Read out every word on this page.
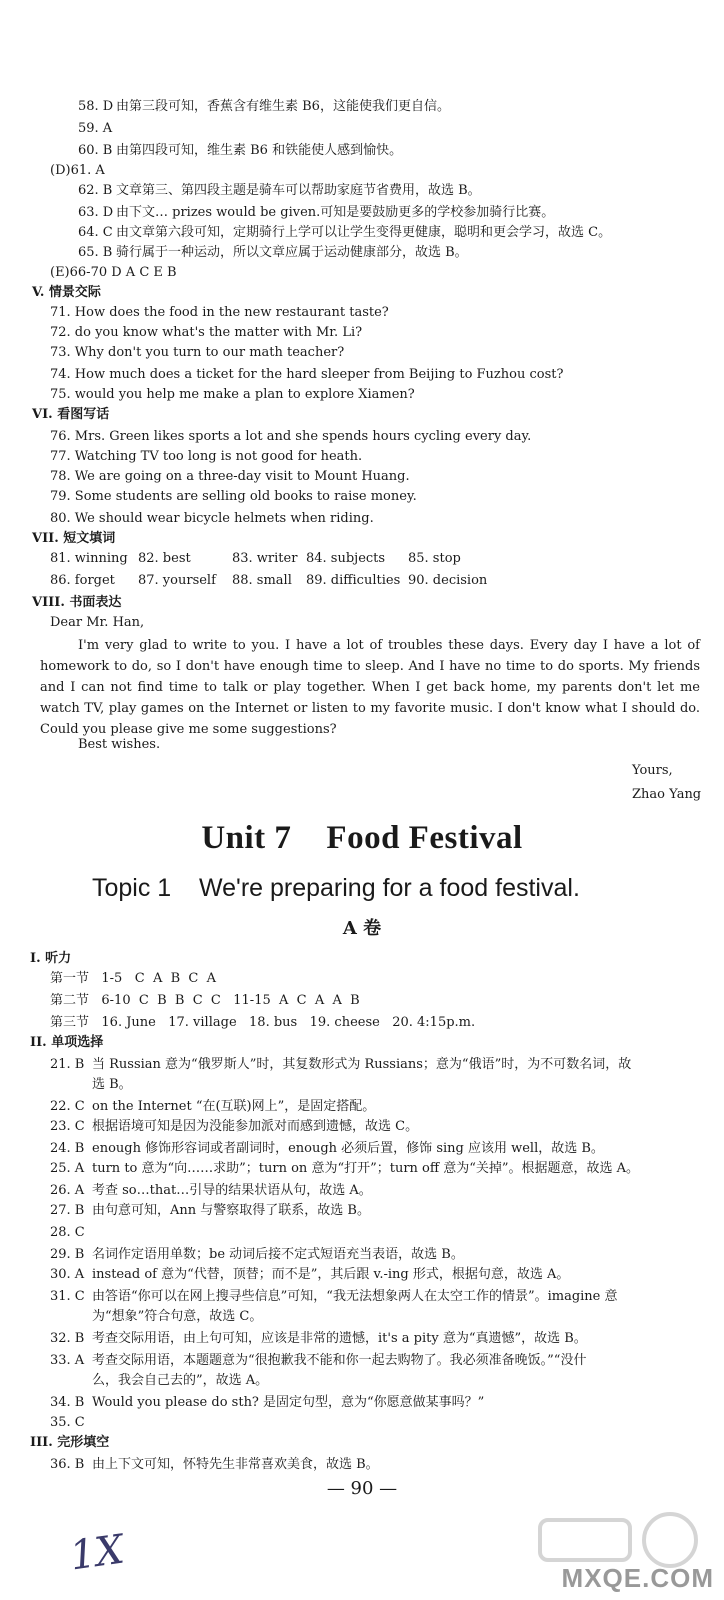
58. D 由第三段可知，香蕉含有维生素 B6，这能使我们更自信。
59. A
60. B 由第四段可知，维生素 B6 和铁能使人感到愉快。
(D)61. A
62. B 文章第三、第四段主题是骑车可以帮助家庭节省费用，故选 B。
63. D 由下文… prizes would be given.可知是要鼓励更多的学校参加骑行比赛。
64. C 由文章第六段可知，定期骑行上学可以让学生变得更健康，聪明和更会学习，故选 C。
65. B 骑行属于一种运动，所以文章应属于运动健康部分，故选 B。
(E)66-70 D A C E B
V. 情景交际
71. How does the food in the new restaurant taste?
72. do you know what's the matter with Mr. Li?
73. Why don't you turn to our math teacher?
74. How much does a ticket for the hard sleeper from Beijing to Fuzhou cost?
75. would you help me make a plan to explore Xiamen?
VI. 看图写话
76. Mrs. Green likes sports a lot and she spends hours cycling every day.
77. Watching TV too long is not good for heath.
78. We are going on a three-day visit to Mount Huang.
79. Some students are selling old books to raise money.
80. We should wear bicycle helmets when riding.
VII. 短文填词
81. winning 82. best	83. writer 84. subjects 85. stop
86. forget 87. yourself 88. small 89. difficulties 90. decision
VIII. 书面表达
Dear Mr. Han,
I'm very glad to write to you. I have a lot of troubles these days. Every day I have a lot of homework to do, so I don't have enough time to sleep. And I have no time to do sports. My friends and I can not find time to talk or play together. When I get back home, my parents don't let me watch TV, play games on the Internet or listen to my favorite music. I don't know what I should do. Could you please give me some suggestions?
Best wishes.
Yours,
Zhao Yang
Unit 7    Food Festival
Topic 1    We're preparing for a food festival.
A 卷
I. 听力
第一节   1-5   C  A  B  C  A
第二节   6-10  C  B  B  C  C   11-15  A  C  A  A  B
第三节   16. June   17. village   18. bus   19. cheese   20. 4:15p.m.
II. 单项选择
21. B 当 Russian 意为“俄罗斯人”时，其复数形式为 Russians；意为“俄语”时，为不可数名词，故
选 B。
22. C on the Internet “在(互联)网上”，是固定搭配。
23. C 根据语境可知是因为没能参加派对而感到遗憾，故选 C。
24. B enough 修饰形容词或者副词时，enough 必须后置，修饰 sing 应该用 well，故选 B。
25. A turn to 意为“向……求助”；turn on 意为“打开”；turn off 意为“关掉”。根据题意，故选 A。
26. A 考查 so…that…引导的结果状语从句，故选 A。
27. B 由句意可知，Ann 与警察取得了联系，故选 B。
28. C
29. B 名词作定语用单数；be 动词后接不定式短语充当表语，故选 B。
30. A instead of 意为“代替，顶替；而不是”，其后跟 v.-ing 形式，根据句意，故选 A。
31. C 由答语“你可以在网上搜寻些信息”可知，“我无法想象两人在太空工作的情景”。imagine 意
为“想象”符合句意，故选 C。
32. B 考查交际用语，由上句可知，应该是非常的遗憾，it's a pity 意为“真遗憾”，故选 B。
33. A 考查交际用语，本题题意为“很抱歉我不能和你一起去购物了。我必须准备晚饭。”“没什
么，我会自己去的”，故选 A。
34. B Would you please do sth? 是固定句型，意为“你愿意做某事吗？”
35. C
III. 完形填空
36. B 由上下文可知，怀特先生非常喜欢美食，故选 B。
— 90 —
1X	MXQE.COM
